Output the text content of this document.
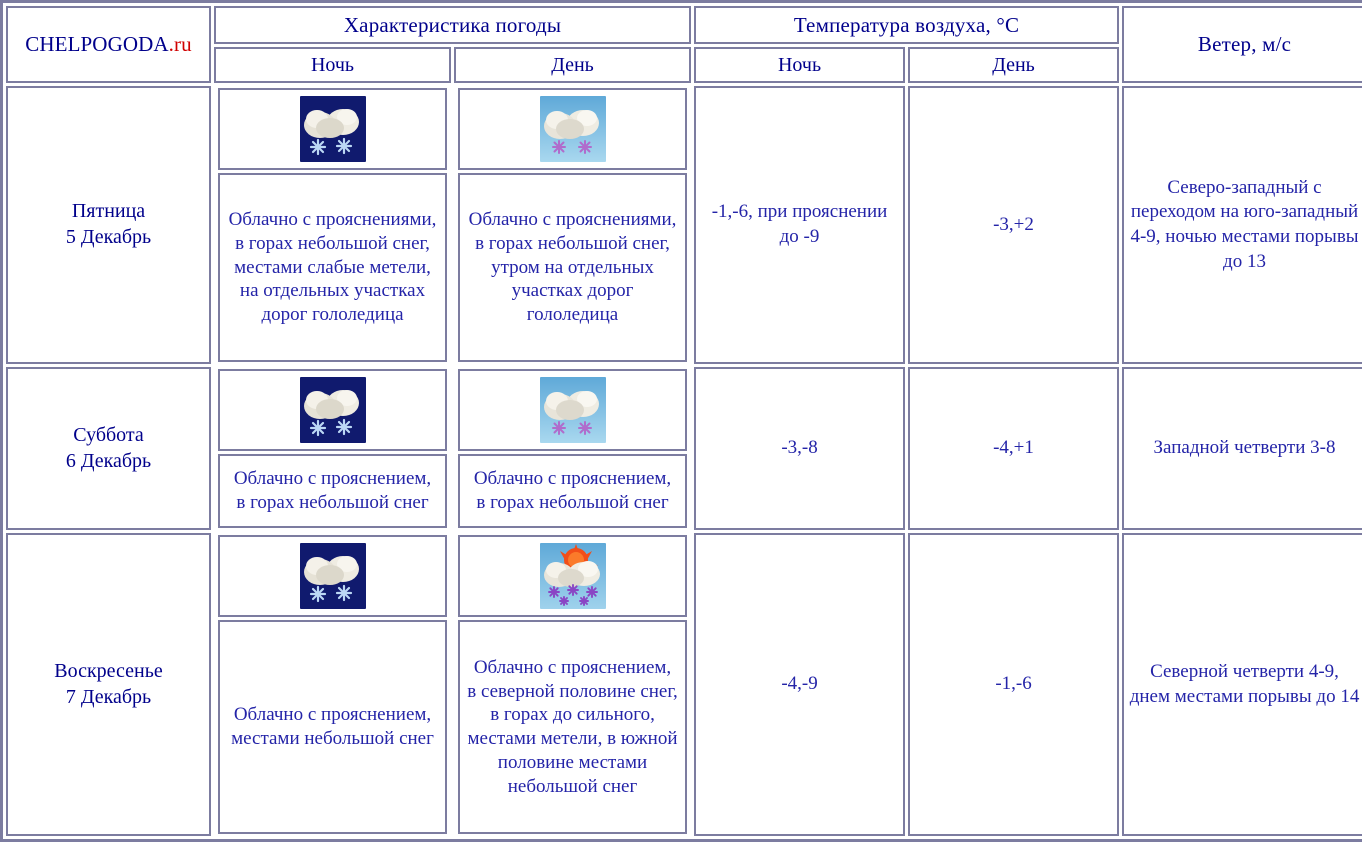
CHELPOGODA.ru	Характеристика погоды		Температура воздуха, °C		Ветер, м/с
	Ночь	День	Ночь	День	

Пятница
5 Декабрь	Облачно с прояснениями, в горах небольшой снег, местами слабые метели, на отдельных участках дорог гололедица	Облачно с прояснениями, в горах небольшой снег, утром на отдельных участках дорог гололедица	-1,-6, при прояснении до -9	-3,+2	Северо-западный с переходом на юго-западный 4-9, ночью местами порывы до 13

Суббота
6 Декабрь	Облачно с прояснением, в горах небольшой снег	Облачно с прояснением, в горах небольшой снег	-3,-8	-4,+1	Западной четверти 3-8

Воскресенье
7 Декабрь	Облачно с прояснением, местами небольшой снег	Облачно с прояснением, в северной половине снег, в горах до сильного, местами метели, в южной половине местами небольшой снег	-4,-9	-1,-6	Северной четверти 4-9, днем местами порывы до 14
